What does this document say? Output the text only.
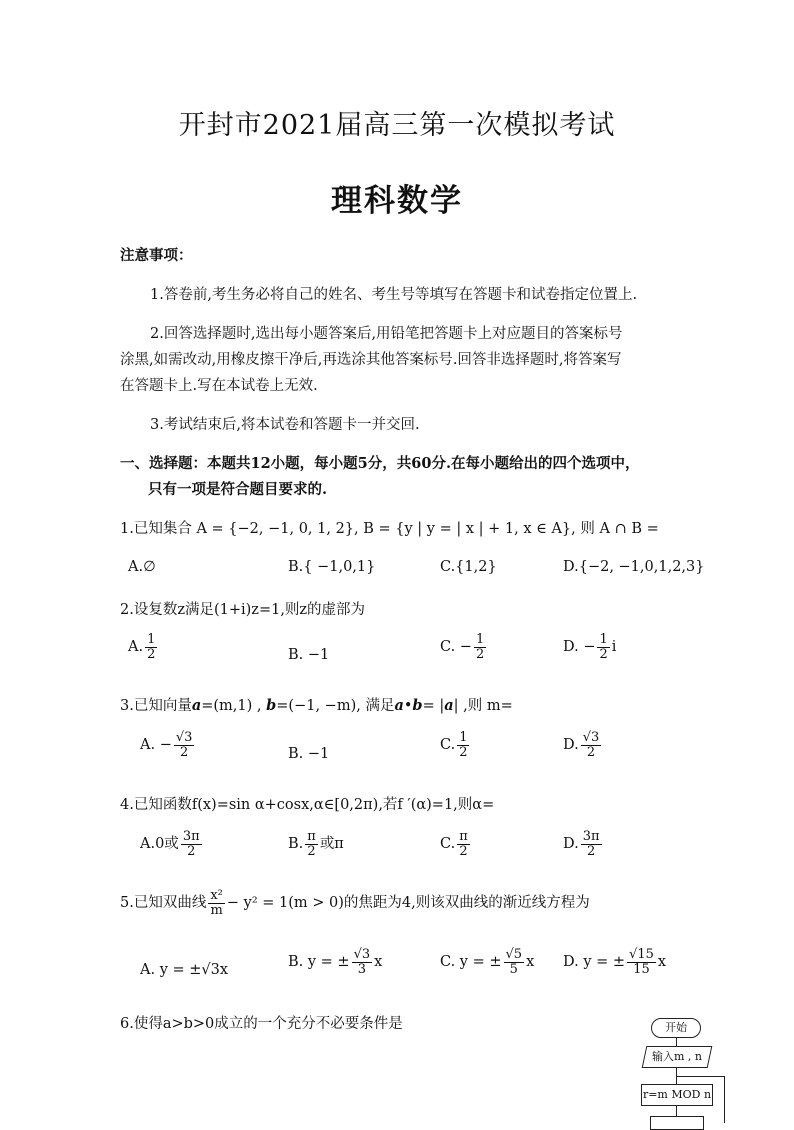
开封市2021届高三第一次模拟考试
理科数学
注意事项：
1.答卷前,考生务必将自己的姓名、考生号等填写在答题卡和试卷指定位置上.
2.回答选择题时,选出每小题答案后,用铅笔把答题卡上对应题目的答案标号
涂黑,如需改动,用橡皮擦干净后,再选涂其他答案标号.回答非选择题时,将答案写
在答题卡上.写在本试卷上无效.
3.考试结束后,将本试卷和答题卡一并交回.
一、选择题：本题共12小题，每小题5分，共60分.在每小题给出的四个选项中，
只有一项是符合题目要求的.
1.已知集合 A = {−2, −1, 0, 1, 2}, B = {y | y = | x | + 1, x ∈ A}, 则 A ∩ B =
A.∅	B.{ −1,0,1}	C.{1,2}	D.{−2, −1,0,1,2,3}
2.设复数z满足(1+i)z=1,则z的虚部为
A. $\frac{1}{2}$	B. −1	C. − $\frac{1}{2}$	D. − $\frac{1}{2}$ i
3.已知向量a=(m,1) , b=(−1, −m), 满足a•b= |a| ,则 m=
A. − $\frac{√3}{2}$	B. −1
C. $\frac{1}{2}$	D. $\frac{√3}{2}$
4.已知函数f(x)=sin α+cosx,α∈[0,2π),若f ′(α)=1,则α=
A.0或 $\frac{3\pi}{2}$	B. $\frac{\pi}{2}$ 或π	C. $\frac{\pi}{2}$	D. $\frac{3\pi}{2}$
5.已知双曲线 $\frac{\text{x²}}{m} - y^2 = 1(m > 0)$的焦距为4,则该双曲线的渐近线方程为
A. y = ±√3x	B. y = ± $\frac{√3}{3}$ x	C. y = ± $\frac{√5}{5}$ x D. y = ± $\frac{√15}{15}$ x
6.使得a>b>0成立的一个充分不必要条件是	开始
输入m , n
r=m MOD n
